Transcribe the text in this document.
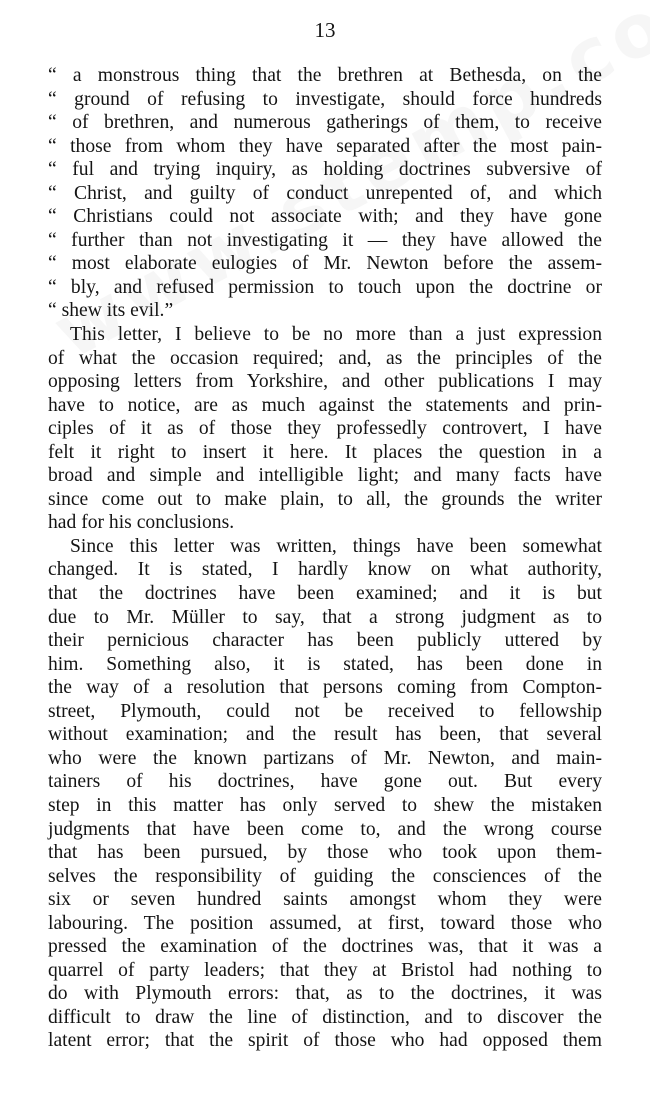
13
“ a monstrous thing that the brethren at Bethesda, on the
“ ground of refusing to investigate, should force hundreds
“ of brethren, and numerous gatherings of them, to receive
“ those from whom they have separated after the most pain-
“ ful and trying inquiry, as holding doctrines subversive of
“ Christ, and guilty of conduct unrepented of, and which
“ Christians could not associate with; and they have gone
“ further than not investigating it — they have allowed the
“ most elaborate eulogies of Mr. Newton before the assem-
“ bly, and refused permission to touch upon the doctrine or
“ shew its evil.”
This letter, I believe to be no more than a just expression
of what the occasion required; and, as the principles of the
opposing letters from Yorkshire, and other publications I may
have to notice, are as much against the statements and prin-
ciples of it as of those they professedly controvert, I have
felt it right to insert it here. It places the question in a
broad and simple and intelligible light; and many facts have
since come out to make plain, to all, the grounds the writer
had for his conclusions.
Since this letter was written, things have been somewhat
changed. It is stated, I hardly know on what authority,
that the doctrines have been examined; and it is but
due to Mr. Müller to say, that a strong judgment as to
their pernicious character has been publicly uttered by
him. Something also, it is stated, has been done in
the way of a resolution that persons coming from Compton-
street, Plymouth, could not be received to fellowship
without examination; and the result has been, that several
who were the known partizans of Mr. Newton, and main-
tainers of his doctrines, have gone out. But every
step in this matter has only served to shew the mistaken
judgments that have been come to, and the wrong course
that has been pursued, by those who took upon them-
selves the responsibility of guiding the consciences of the
six or seven hundred saints amongst whom they were
labouring. The position assumed, at first, toward those who
pressed the examination of the doctrines was, that it was a
quarrel of party leaders; that they at Bristol had nothing to
do with Plymouth errors: that, as to the doctrines, it was
difficult to draw the line of distinction, and to discover the
latent error; that the spirit of those who had opposed them
